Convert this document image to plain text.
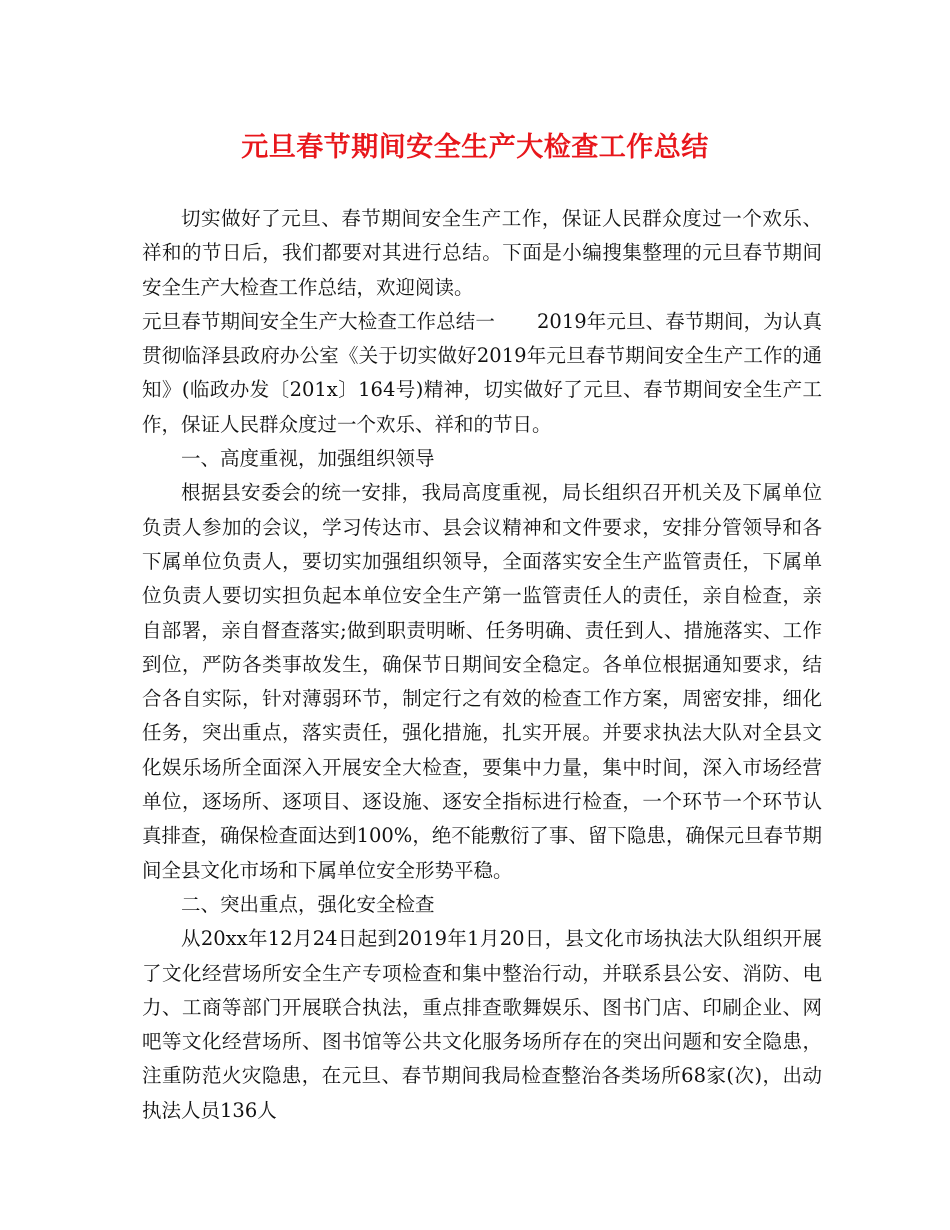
元旦春节期间安全生产大检查工作总结

切实做好了元旦、春节期间安全生产工作，保证人民群众度过一个欢乐、祥和的节日后，我们都要对其进行总结。下面是小编搜集整理的元旦春节期间安全生产大检查工作总结，欢迎阅读。

元旦春节期间安全生产大检查工作总结一 2019年元旦、春节期间，为认真贯彻临泽县政府办公室《关于切实做好2019年元旦春节期间安全生产工作的通知》(临政办发〔201x〕164号)精神，切实做好了元旦、春节期间安全生产工作，保证人民群众度过一个欢乐、祥和的节日。

一、高度重视，加强组织领导

根据县安委会的统一安排，我局高度重视，局长组织召开机关及下属单位负责人参加的会议，学习传达市、县会议精神和文件要求，安排分管领导和各下属单位负责人，要切实加强组织领导，全面落实安全生产监管责任，下属单位负责人要切实担负起本单位安全生产第一监管责任人的责任，亲自检查，亲自部署，亲自督查落实;做到职责明晰、任务明确、责任到人、措施落实、工作到位，严防各类事故发生，确保节日期间安全稳定。各单位根据通知要求，结合各自实际，针对薄弱环节，制定行之有效的检查工作方案，周密安排，细化任务，突出重点，落实责任，强化措施，扎实开展。并要求执法大队对全县文化娱乐场所全面深入开展安全大检查，要集中力量，集中时间，深入市场经营单位，逐场所、逐项目、逐设施、逐安全指标进行检查，一个环节一个环节认真排查，确保检查面达到100%，绝不能敷衍了事、留下隐患，确保元旦春节期间全县文化市场和下属单位安全形势平稳。

二、突出重点，强化安全检查

从20xx年12月24日起到2019年1月20日，县文化市场执法大队组织开展了文化经营场所安全生产专项检查和集中整治行动，并联系县公安、消防、电力、工商等部门开展联合执法，重点排查歌舞娱乐、图书门店、印刷企业、网吧等文化经营场所、图书馆等公共文化服务场所存在的突出问题和安全隐患，注重防范火灾隐患，在元旦、春节期间我局检查整治各类场所68家(次)，出动执法人员136人
